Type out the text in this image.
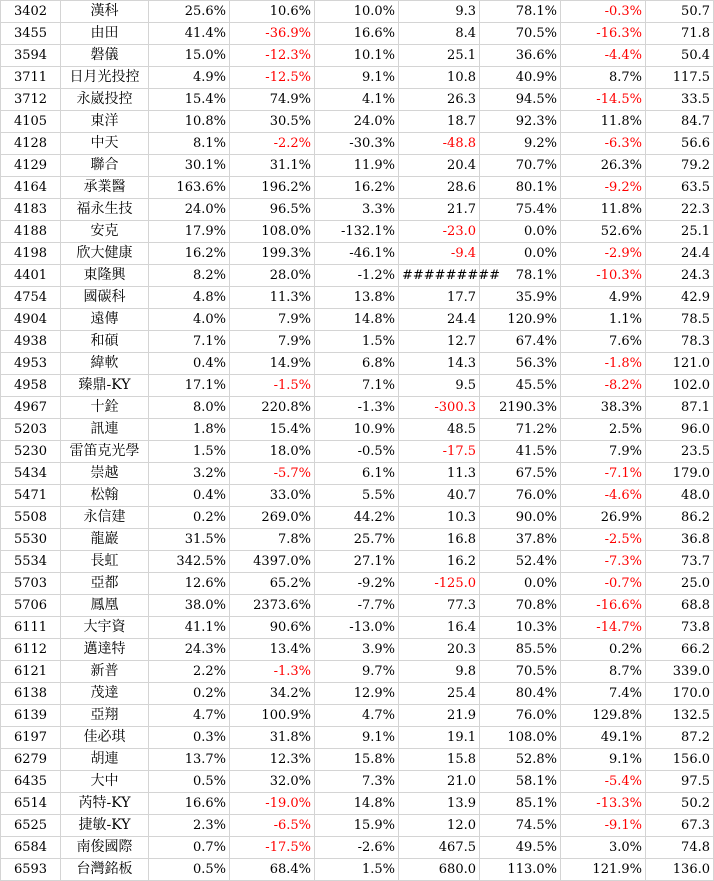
3402	漢科	25.6%	10.6%	10.0%	9.3	78.1%	-0.3%	50.7
3455	由田	41.4%	-36.9%	16.6%	8.4	70.5%	-16.3%	71.8
3594	磐儀	15.0%	-12.3%	10.1%	25.1	36.6%	-4.4%	50.4
3711	日月光投控	4.9%	-12.5%	9.1%	10.8	40.9%	8.7%	117.5
3712	永崴投控	15.4%	74.9%	4.1%	26.3	94.5%	-14.5%	33.5
4105	東洋	10.8%	30.5%	24.0%	18.7	92.3%	11.8%	84.7
4128	中天	8.1%	-2.2%	-30.3%	-48.8	9.2%	-6.3%	56.6
4129	聯合	30.1%	31.1%	11.9%	20.4	70.7%	26.3%	79.2
4164	承業醫	163.6%	196.2%	16.2%	28.6	80.1%	-9.2%	63.5
4183	福永生技	24.0%	96.5%	3.3%	21.7	75.4%	11.8%	22.3
4188	安克	17.9%	108.0%	-132.1%	-23.0	0.0%	52.6%	25.1
4198	欣大健康	16.2%	199.3%	-46.1%	-9.4	0.0%	-2.9%	24.4
4401	東隆興	8.2%	28.0%	-1.2%	#########	78.1%	-10.3%	24.3
4754	國碳科	4.8%	11.3%	13.8%	17.7	35.9%	4.9%	42.9
4904	遠傳	4.0%	7.9%	14.8%	24.4	120.9%	1.1%	78.5
4938	和碩	7.1%	7.9%	1.5%	12.7	67.4%	7.6%	78.3
4953	緯軟	0.4%	14.9%	6.8%	14.3	56.3%	-1.8%	121.0
4958	臻鼎-KY	17.1%	-1.5%	7.1%	9.5	45.5%	-8.2%	102.0
4967	十銓	8.0%	220.8%	-1.3%	-300.3	2190.3%	38.3%	87.1
5203	訊連	1.8%	15.4%	10.9%	48.5	71.2%	2.5%	96.0
5230	雷笛克光學	1.5%	18.0%	-0.5%	-17.5	41.5%	7.9%	23.5
5434	崇越	3.2%	-5.7%	6.1%	11.3	67.5%	-7.1%	179.0
5471	松翰	0.4%	33.0%	5.5%	40.7	76.0%	-4.6%	48.0
5508	永信建	0.2%	269.0%	44.2%	10.3	90.0%	26.9%	86.2
5530	龍巖	31.5%	7.8%	25.7%	16.8	37.8%	-2.5%	36.8
5534	長虹	342.5%	4397.0%	27.1%	16.2	52.4%	-7.3%	73.7
5703	亞都	12.6%	65.2%	-9.2%	-125.0	0.0%	-0.7%	25.0
5706	鳳凰	38.0%	2373.6%	-7.7%	77.3	70.8%	-16.6%	68.8
6111	大宇資	41.1%	90.6%	-13.0%	16.4	10.3%	-14.7%	73.8
6112	邁達特	24.3%	13.4%	3.9%	20.3	85.5%	0.2%	66.2
6121	新普	2.2%	-1.3%	9.7%	9.8	70.5%	8.7%	339.0
6138	茂達	0.2%	34.2%	12.9%	25.4	80.4%	7.4%	170.0
6139	亞翔	4.7%	100.9%	4.7%	21.9	76.0%	129.8%	132.5
6197	佳必琪	0.3%	31.8%	9.1%	19.1	108.0%	49.1%	87.2
6279	胡連	13.7%	12.3%	15.8%	15.8	52.8%	9.1%	156.0
6435	大中	0.5%	32.0%	7.3%	21.0	58.1%	-5.4%	97.5
6514	芮特-KY	16.6%	-19.0%	14.8%	13.9	85.1%	-13.3%	50.2
6525	捷敏-KY	2.3%	-6.5%	15.9%	12.0	74.5%	-9.1%	67.3
6584	南俊國際	0.7%	-17.5%	-2.6%	467.5	49.5%	3.0%	74.8
6593	台灣銘板	0.5%	68.4%	1.5%	680.0	113.0%	121.9%	136.0
